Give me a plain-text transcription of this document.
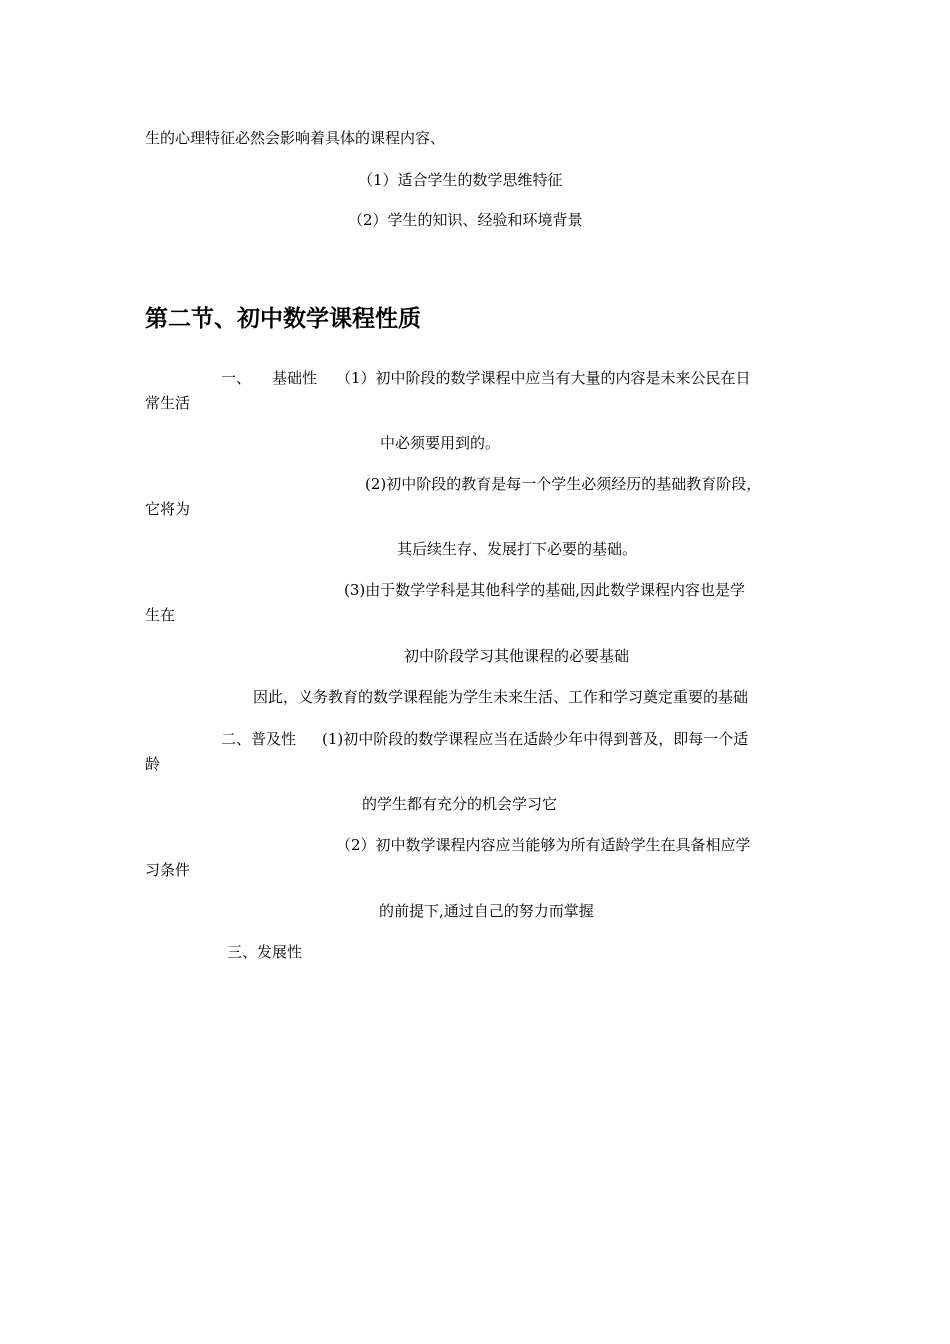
生的心理特征必然会影响着具体的课程内容、
（1）适合学生的数学思维特征
（2）学生的知识、经验和环境背景
第二节、初中数学课程性质
一、 基础性 （1）初中阶段的数学课程中应当有大量的内容是未来公民在日
常生活
中必须要用到的。
(2)初中阶段的教育是每一个学生必须经历的基础教育阶段，
它将为
其后续生存、发展打下必要的基础。
(3)由于数学学科是其他科学的基础,因此数学课程内容也是学
生在
初中阶段学习其他课程的必要基础
因此，义务教育的数学课程能为学生未来生活、工作和学习奠定重要的基础
二、普及性 (1)初中阶段的数学课程应当在适龄少年中得到普及，即每一个适
龄
的学生都有充分的机会学习它
（2）初中数学课程内容应当能够为所有适龄学生在具备相应学
习条件
的前提下,通过自己的努力而掌握
三、发展性
